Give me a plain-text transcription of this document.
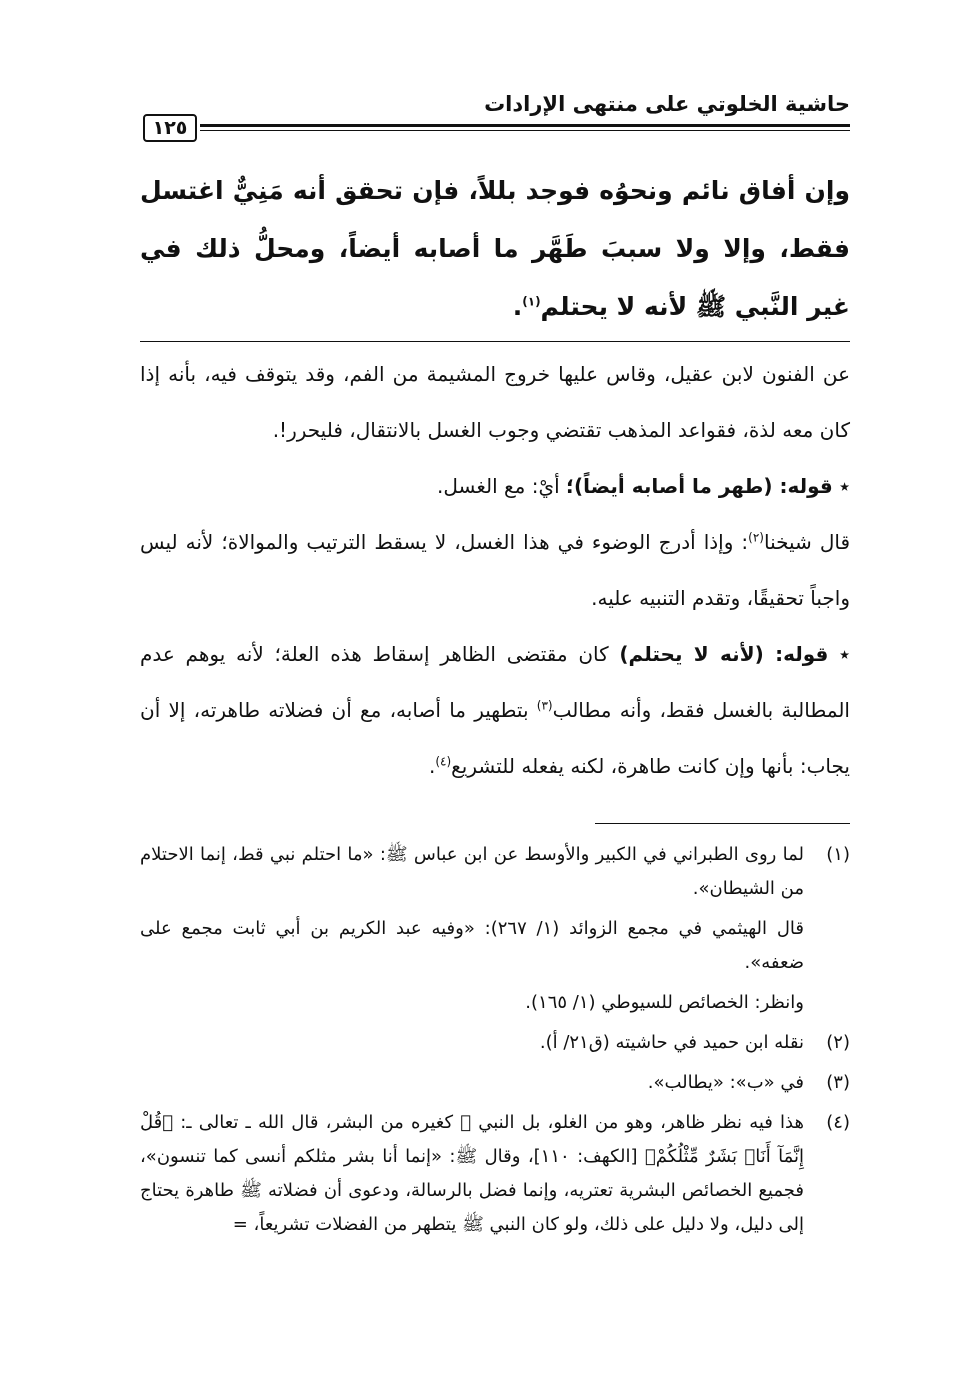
حاشية الخلوتي على منتهى الإرادات
١٢٥
وإن أفاق نائم ونحوُه فوجد بللاً، فإن تحقق أنه مَنِيٌّ اغتسل فقط، وإلا ولا سببَ طَهَّر ما أصابه أيضاً، ومحلُّ ذلك في غير النَّبي ﷺ لأنه لا يحتلم$^{(١)}$.

عن الفنون لابن عقيل، وقاس عليها خروج المشيمة من الفم، وقد يتوقف فيه، بأنه إذا كان معه لذة، فقواعد المذهب تقتضي وجوب الغسل بالانتقال، فليحرر!.

٭ قوله: (طهر ما أصابه أيضاً)؛ أيْ: مع الغسل.

قال شيخنا$^{(٢)}$: وإذا أدرج الوضوء في هذا الغسل، لا يسقط الترتيب والموالاة؛ لأنه ليس واجباً تحقيقًا، وتقدم التنبيه عليه.

٭ قوله: (لأنه لا يحتلم) كان مقتضى الظاهر إسقاط هذه العلة؛ لأنه يوهم عدم المطالبة بالغسل فقط، وأنه مطالب$^{(٣)}$ بتطهير ما أصابه، مع أن فضلاته طاهرته، إلا أن يجاب: بأنها وإن كانت طاهرة، لكنه يفعله للتشريع$^{(٤)}$.

(١)
لما روى الطبراني في الكبير والأوسط عن ابن عباس ﷺ: «ما احتلم نبي قط، إنما الاحتلام من الشيطان».
قال الهيثمي في مجمع الزوائد (١/ ٢٦٧): «وفيه عبد الكريم بن أبي ثابت مجمع على ضعفه».
وانظر: الخصائص للسيوطي (١/ ١٦٥).
(٢)
نقله ابن حميد في حاشيته (ق٢١/ أ).
(٣)
في «ب»: «يطالب».
(٤)
هذا فيه نظر ظاهر، وهو من الغلو، بل النبي ﷺ كغيره من البشر، قال الله ـ تعالى ـ: ﴿قُلْ إِنَّمَآ أَنَا۠ بَشَرٌ مِّثْلُكُمْ﴾ [الكهف: ١١٠]، وقال ﷺ: «إنما أنا بشر مثلكم أنسى كما تنسون»، فجميع الخصائص البشرية تعتريه، وإنما فضل بالرسالة، ودعوى أن فضلاته ﷺ طاهرة يحتاج إلى دليل، ولا دليل على ذلك، ولو كان النبي ﷺ يتطهر من الفضلات تشريعاً، =
